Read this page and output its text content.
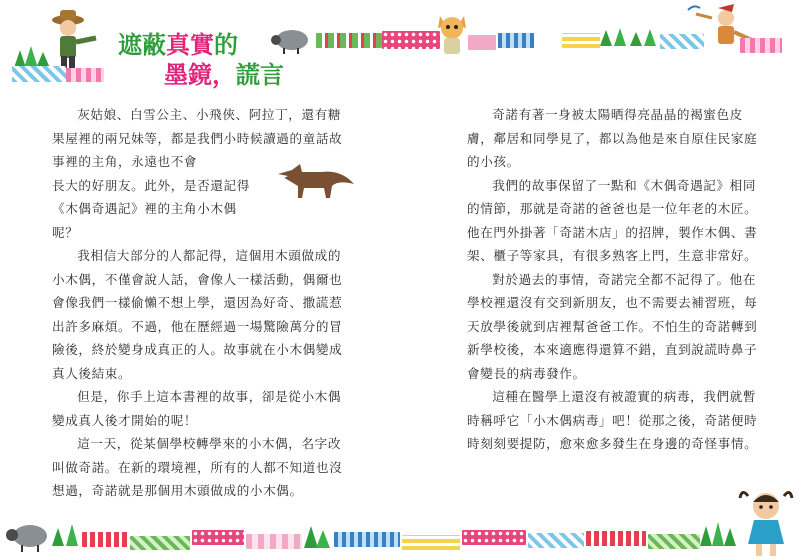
遮蔽真實的
墨鏡，謊言

灰姑娘、白雪公主、小飛俠、阿拉丁，還有糖果屋裡的兩兄妹等，都是我們小時候讀過的童話故事裡的主角，永遠也不會

長大的好朋友。此外，是否還記得《木偶奇遇記》裡的主角小木偶呢？

我相信大部分的人都記得，這個用木頭做成的小木偶，不僅會說人話，會像人一樣活動，偶爾也會像我們一樣偷懶不想上學，還因為好奇、撒謊惹出許多麻煩。不過，他在歷經過一場驚險萬分的冒險後，終於變身成真正的人。故事就在小木偶變成真人後結束。

但是，你手上這本書裡的故事，卻是從小木偶變成真人後才開始的呢！

這一天，從某個學校轉學來的小木偶，名字改叫做奇諾。在新的環境裡，所有的人都不知道也沒想過，奇諾就是那個用木頭做成的小木偶。

奇諾有著一身被太陽晒得亮晶晶的褐蜜色皮膚，鄰居和同學見了，都以為他是來自原住民家庭的小孩。

我們的故事保留了一點和《木偶奇遇記》相同的情節，那就是奇諾的爸爸也是一位年老的木匠。他在門外掛著「奇諾木店」的招牌，製作木偶、書架、櫃子等家具，有很多熟客上門，生意非常好。

對於過去的事情，奇諾完全都不記得了。他在學校裡還沒有交到新朋友，也不需要去補習班，每天放學後就到店裡幫爸爸工作。不怕生的奇諾轉到新學校後，本來適應得還算不錯，直到說謊時鼻子會變長的病毒發作。

這種在醫學上還沒有被證實的病毒，我們就暫時稱呼它「小木偶病毒」吧！從那之後，奇諾便時時刻刻要提防，愈來愈多發生在身邊的奇怪事情。
